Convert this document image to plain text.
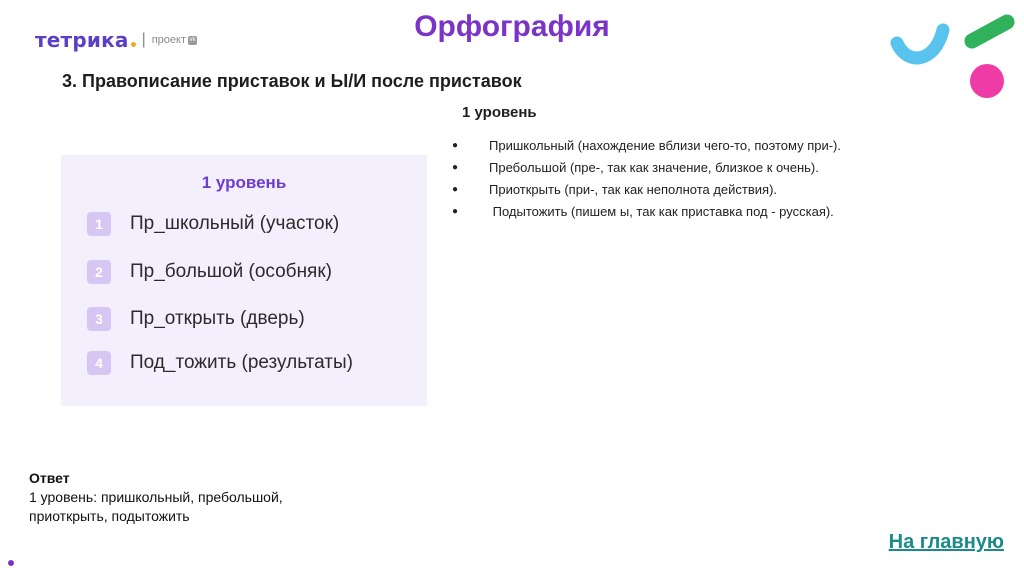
тетрика | проект vk	Орфография
3. Правописание приставок и Ы/И после приставок
1 уровень
●	Пришкольный (нахождение вблизи чего-то, поэтому при-).
●	Пребольшой (пре-, так как значение, близкое к очень).
●	Приоткрыть (при-, так как неполнота действия).
●	Подытожить (пишем ы, так как приставка под - русская).
1 уровень
1	Пр_школьный (участок)
2	Пр_большой (особняк)
3	Пр_открыть (дверь)
4	Под_тожить (результаты)
Ответ
1 уровень: пришкольный, пребольшой,
приоткрыть, подытожить
На главную
